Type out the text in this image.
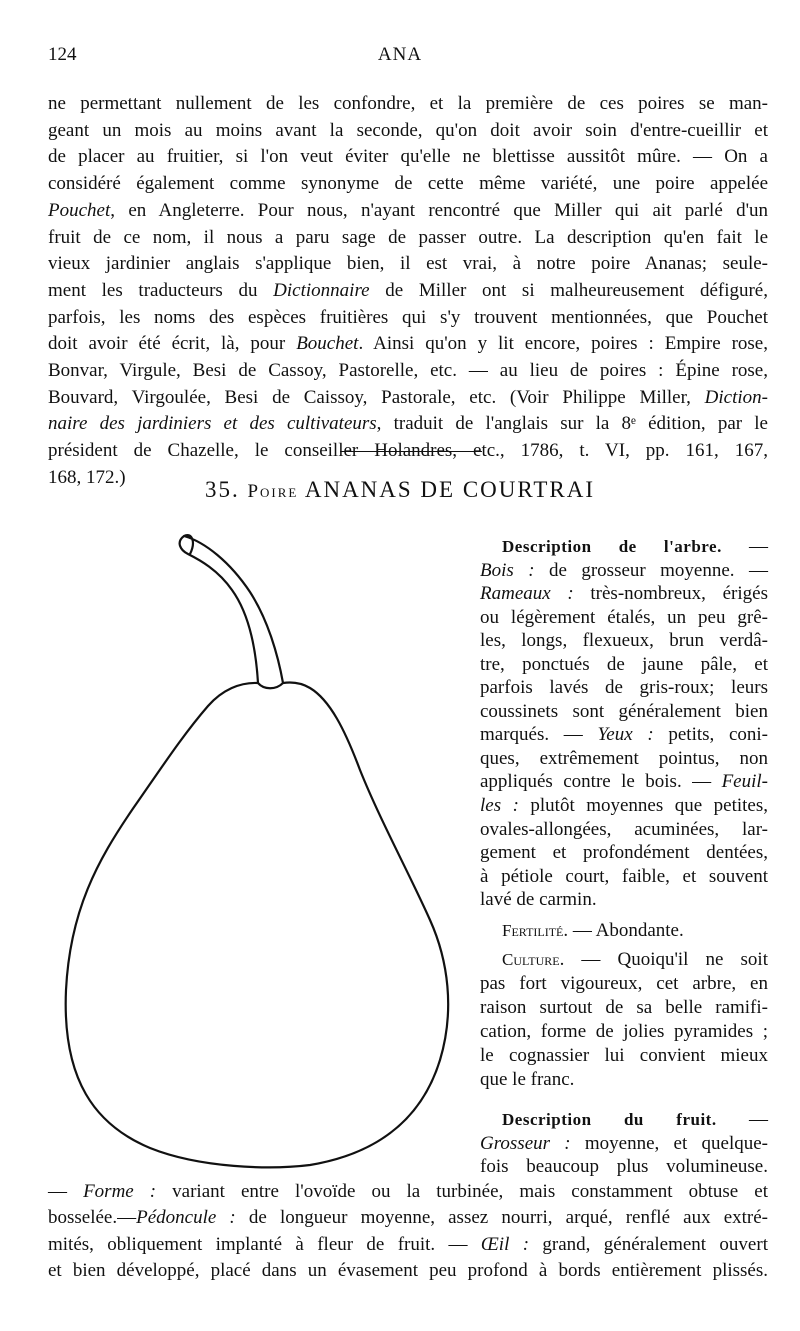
124	ANA
ne permettant nullement de les confondre, et la première de ces poires se man-
geant un mois au moins avant la seconde, qu'on doit avoir soin d'entre-cueillir et
de placer au fruitier, si l'on veut éviter qu'elle ne blettisse aussitôt mûre. — On a
considéré également comme synonyme de cette même variété, une poire appelée
Pouchet, en Angleterre. Pour nous, n'ayant rencontré que Miller qui ait parlé d'un
fruit de ce nom, il nous a paru sage de passer outre. La description qu'en fait le
vieux jardinier anglais s'applique bien, il est vrai, à notre poire Ananas; seule-
ment les traducteurs du Dictionnaire de Miller ont si malheureusement défiguré,
parfois, les noms des espèces fruitières qui s'y trouvent mentionnées, que Pouchet
doit avoir été écrit, là, pour Bouchet. Ainsi qu'on y lit encore, poires : Empire rose,
Bonvar, Virgule, Besi de Cassoy, Pastorelle, etc. — au lieu de poires : Épine rose,
Bouvard, Virgoulée, Besi de Caissoy, Pastorale, etc. (Voir Philippe Miller, Diction-
naire des jardiniers et des cultivateurs, traduit de l'anglais sur la 8ᵉ édition, par le
président de Chazelle, le conseiller Holandres, etc., 1786, t. VI, pp. 161, 167,
168, 172.)	35. Poire ANANAS DE COURTRAI
Description de l'arbre. —
Bois : de grosseur moyenne. —
Rameaux : très-nombreux, érigés
ou légèrement étalés, un peu grê-
les, longs, flexueux, brun verdâ-
tre, ponctués de jaune pâle, et
parfois lavés de gris-roux; leurs
coussinets sont généralement bien
marqués. — Yeux : petits, coni-
ques, extrêmement pointus, non
appliqués contre le bois. — Feuil-
les : plutôt moyennes que petites,
ovales-allongées, acuminées, lar-
gement et profondément dentées,
à pétiole court, faible, et souvent
lavé de carmin.
Fertilité. — Abondante.
Culture. — Quoiqu'il ne soit
pas fort vigoureux, cet arbre, en
raison surtout de sa belle ramifi-
cation, forme de jolies pyramides ;
le cognassier lui convient mieux
que le franc.
Description du fruit. —
Grosseur : moyenne, et quelque-
fois beaucoup plus volumineuse.
— Forme : variant entre l'ovoïde ou la turbinée, mais constamment obtuse et
bosselée.—Pédoncule : de longueur moyenne, assez nourri, arqué, renflé aux extré-
mités, obliquement implanté à fleur de fruit. — Œil : grand, généralement ouvert
et bien développé, placé dans un évasement peu profond à bords entièrement plissés.
